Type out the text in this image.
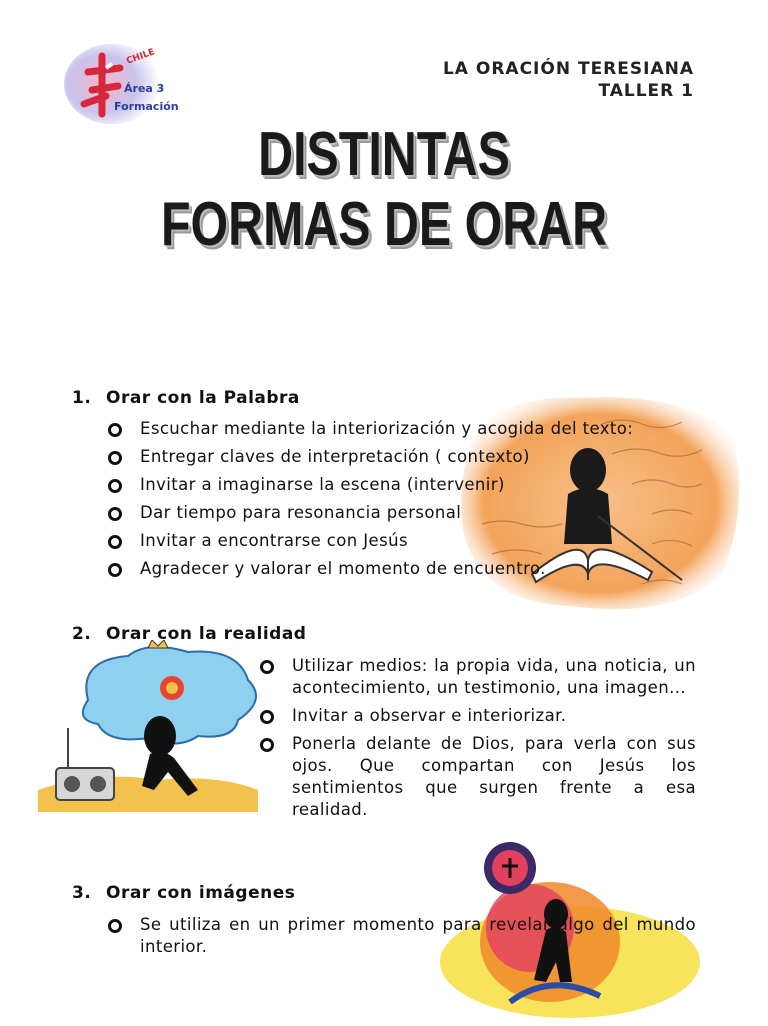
CHILE
Área 3
Formación
LA ORACIÓN TERESIANA
TALLER 1
DISTINTAS
FORMAS DE ORAR
1. Orar con la Palabra
Escuchar mediante la interiorización y acogida del texto:
Entregar claves de interpretación ( contexto)
Invitar a imaginarse la escena (intervenir)
Dar tiempo para resonancia personal
Invitar a encontrarse con Jesús
Agradecer y valorar el momento de encuentro.
2. Orar con la realidad
Utilizar medios: la propia vida, una noticia, un acontecimiento, un testimonio, una imagen...
Invitar a observar e interiorizar.
Ponerla delante de Dios, para verla con sus ojos. Que compartan con Jesús los sentimientos que surgen frente a esa realidad.
3. Orar con imágenes
Se utiliza en un primer momento para revelar algo del mundo interior.
